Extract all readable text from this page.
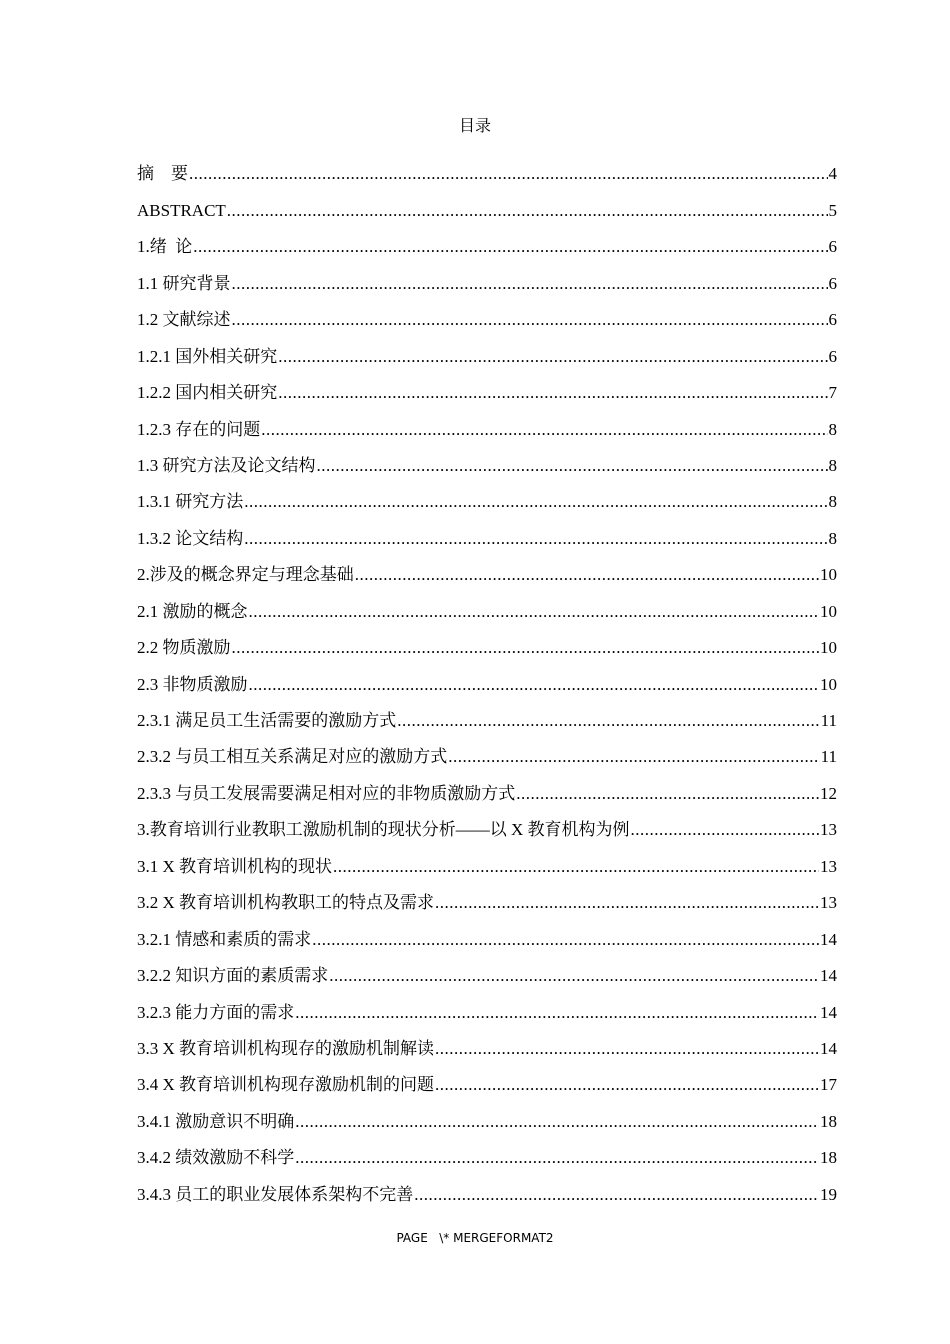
目录
摘    要 .....	4
ABSTRACT .....	5
1.绪  论 .....	6
1.1 研究背景 .....	6
1.2 文献综述 .....	6
1.2.1 国外相关研究 .....	6
1.2.2 国内相关研究 .....	7
1.2.3 存在的问题 .....	8
1.3 研究方法及论文结构 .....	8
1.3.1 研究方法 .....	8
1.3.2 论文结构 .....	8
2.涉及的概念界定与理念基础 .....	10
2.1 激励的概念 .....	10
2.2 物质激励 .....	10
2.3 非物质激励 .....	10
2.3.1 满足员工生活需要的激励方式 .....	11
2.3.2 与员工相互关系满足对应的激励方式 .....	11
2.3.3 与员工发展需要满足相对应的非物质激励方式 .....	12
3.教育培训行业教职工激励机制的现状分析——以 X 教育机构为例 .....	13
3.1 X 教育培训机构的现状 .....	13
3.2 X 教育培训机构教职工的特点及需求 .....	13
3.2.1 情感和素质的需求 .....	14
3.2.2 知识方面的素质需求 .....	14
3.2.3 能力方面的需求 .....	14
3.3 X 教育培训机构现存的激励机制解读 .....	14
3.4 X 教育培训机构现存激励机制的问题 .....	17
3.4.1 激励意识不明确 .....	18
3.4.2 绩效激励不科学 .....	18
3.4.3 员工的职业发展体系架构不完善 .....	19
PAGE   \* MERGEFORMAT2
